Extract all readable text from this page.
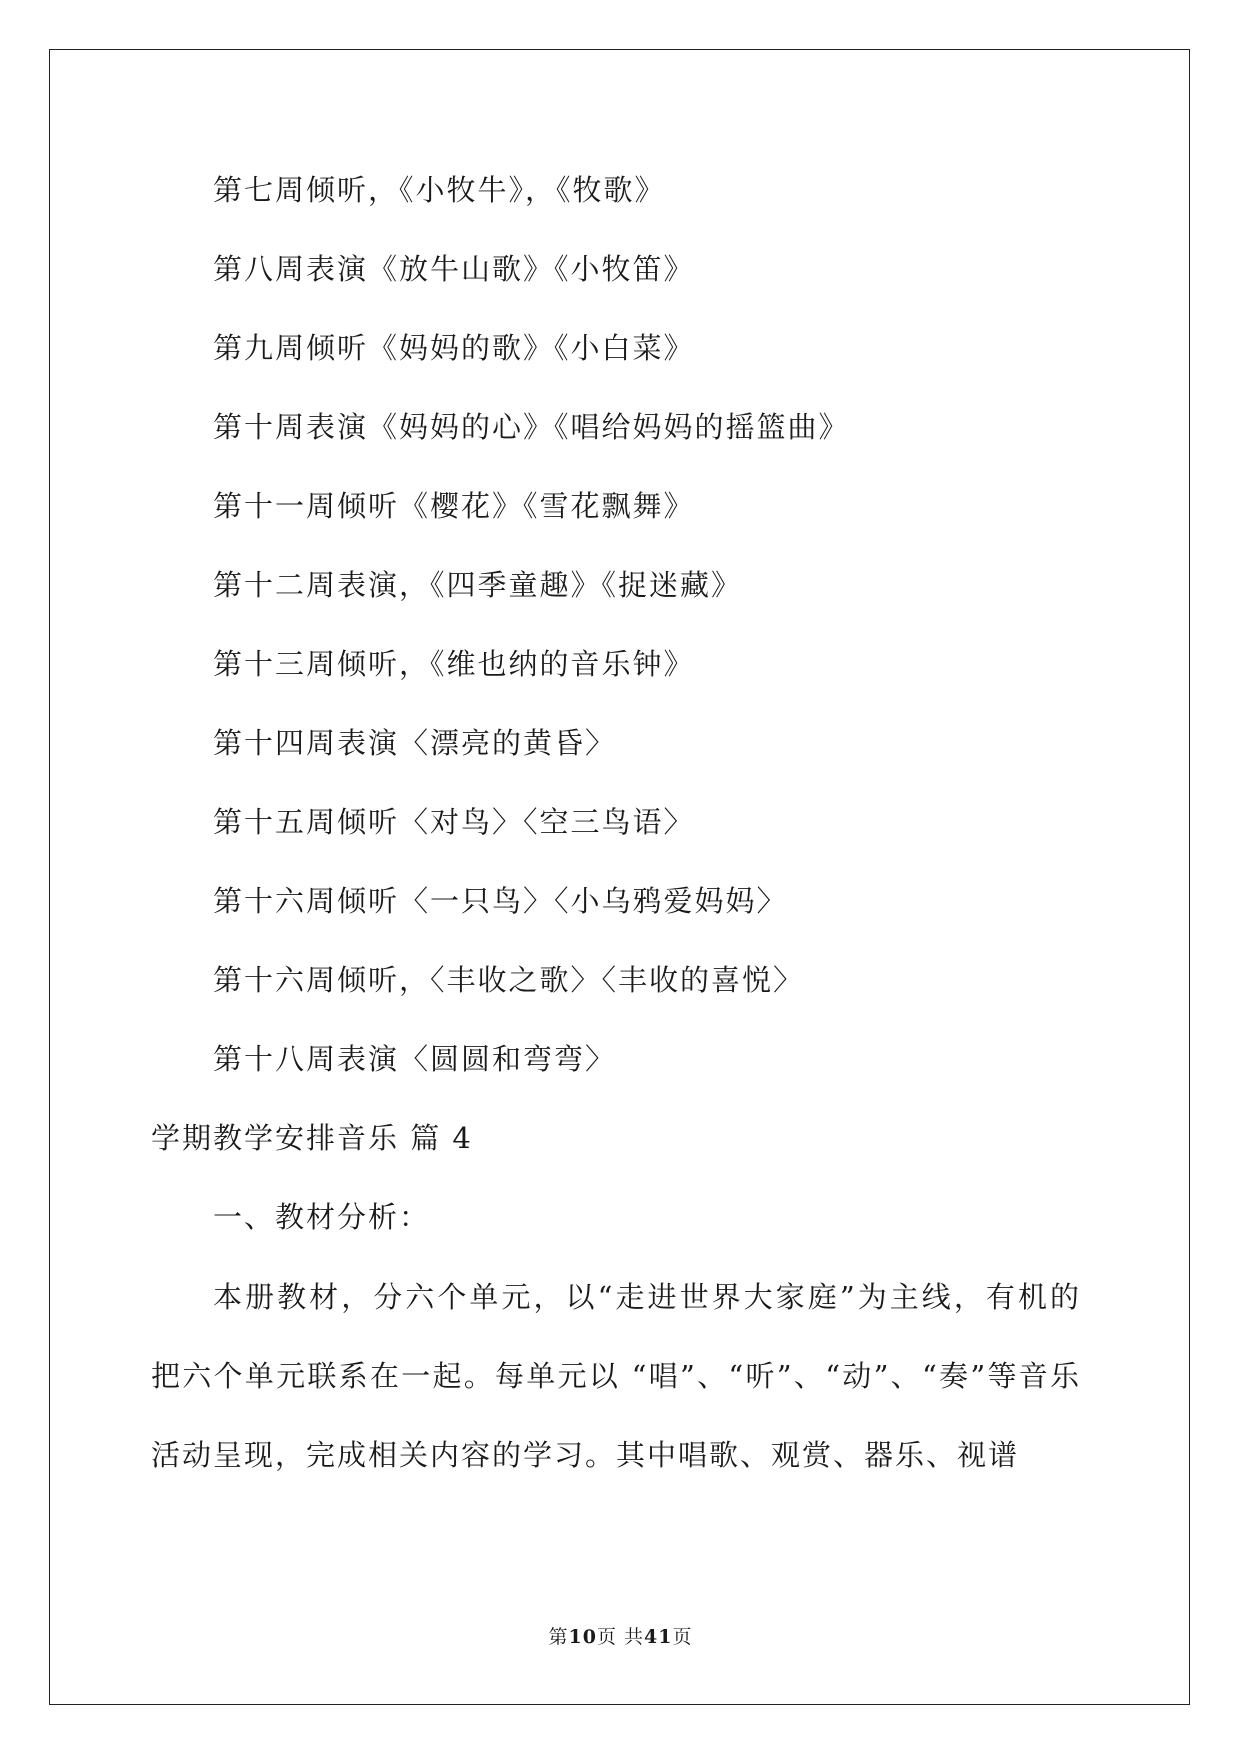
第七周倾听，《小牧牛》，《牧歌》
第八周表演《放牛山歌》《小牧笛》
第九周倾听《妈妈的歌》《小白菜》
第十周表演《妈妈的心》《唱给妈妈的摇篮曲》
第十一周倾听《樱花》《雪花飘舞》
第十二周表演，《四季童趣》《捉迷藏》
第十三周倾听，《维也纳的音乐钟》
第十四周表演〈漂亮的黄昏〉
第十五周倾听〈对鸟〉〈空三鸟语〉
第十六周倾听〈一只鸟〉〈小乌鸦爱妈妈〉
第十六周倾听，〈丰收之歌〉〈丰收的喜悦〉
第十八周表演〈圆圆和弯弯〉
学期教学安排音乐 篇 4
一、教材分析：
本册教材，分六个单元，以“走进世界大家庭”为主线，有机的把六个单元联系在一起。每单元以 “唱”、“听”、“动”、“奏”等音乐活动呈现，完成相关内容的学习。其中唱歌、观赏、器乐、视谱
第10页 共41页
